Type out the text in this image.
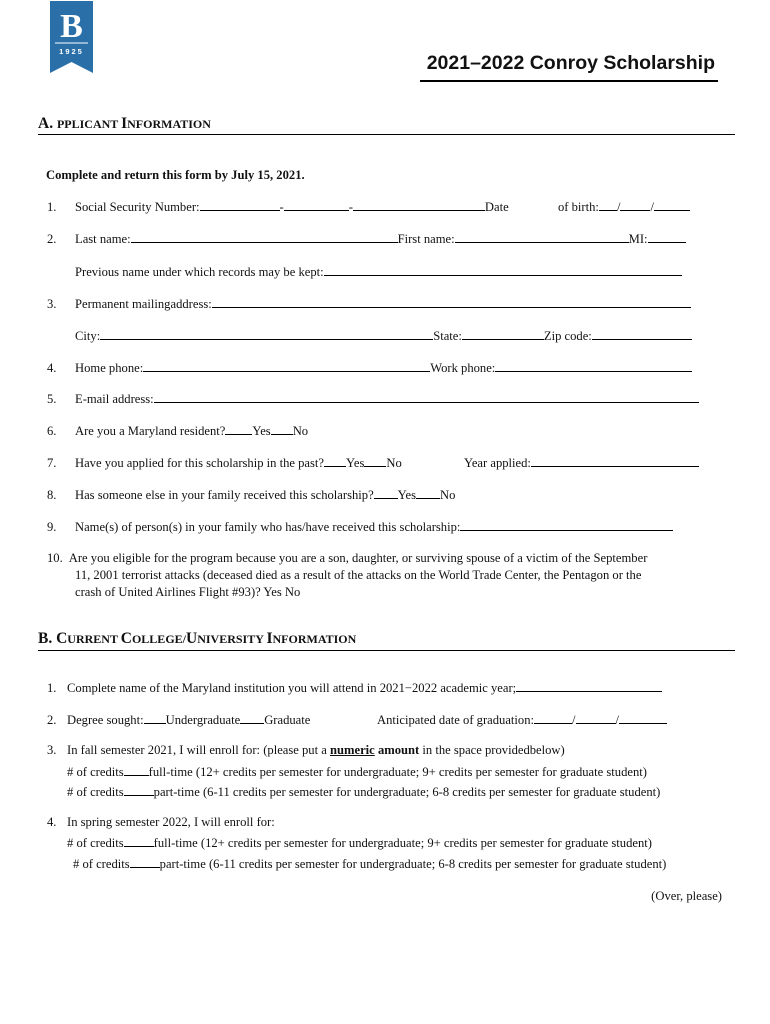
B
1925
2021–2022 Conroy Scholarship
A. PPLICANT INFORMATION
Complete and return this form by July 15, 2021.
1. Social Security Number:	-	-	Date	of birth: / /
2. Last name:	First name:	MI:
Previous name under which records may be kept:
3. Permanent mailingaddress:
City:	State:	Zip code:
4. Home phone:	Work phone:
5. E-mail address:
6. Are you a Maryland resident? Yes No
7. Have you applied for this scholarship in the past? Yes No	Year applied:
8. Has someone else in your family received this scholarship? Yes No
9. Name(s) of person(s) in your family who has/have received this scholarship:
10. Are you eligible for the program because you are a son, daughter, or surviving spouse of a victim of the September
11, 2001 terrorist attacks (deceased died as a result of the attacks on the World Trade Center, the Pentagon or the
crash of United Airlines Flight #93)? Yes No
B. CURRENT COLLEGE/UNIVERSITY INFORMATION
1. Complete name of the Maryland institution you will attend in 2021−2022 academic year;
2. Degree sought: Undergraduate Graduate	Anticipated date of graduation:	/	/
3. In fall semester 2021, I will enroll for: (please put a numeric amount in the space providedbelow)
# of credits full-time (12+ credits per semester for undergraduate; 9+ credits per semester for graduate student)
# of credits part-time (6-11 credits per semester for undergraduate; 6-8 credits per semester for graduate student)
4. In spring semester 2022, I will enroll for:
# of credits full-time (12+ credits per semester for undergraduate; 9+ credits per semester for graduate student)
# of credits part-time (6-11 credits per semester for undergraduate; 6-8 credits per semester for graduate student)
(Over, please)
